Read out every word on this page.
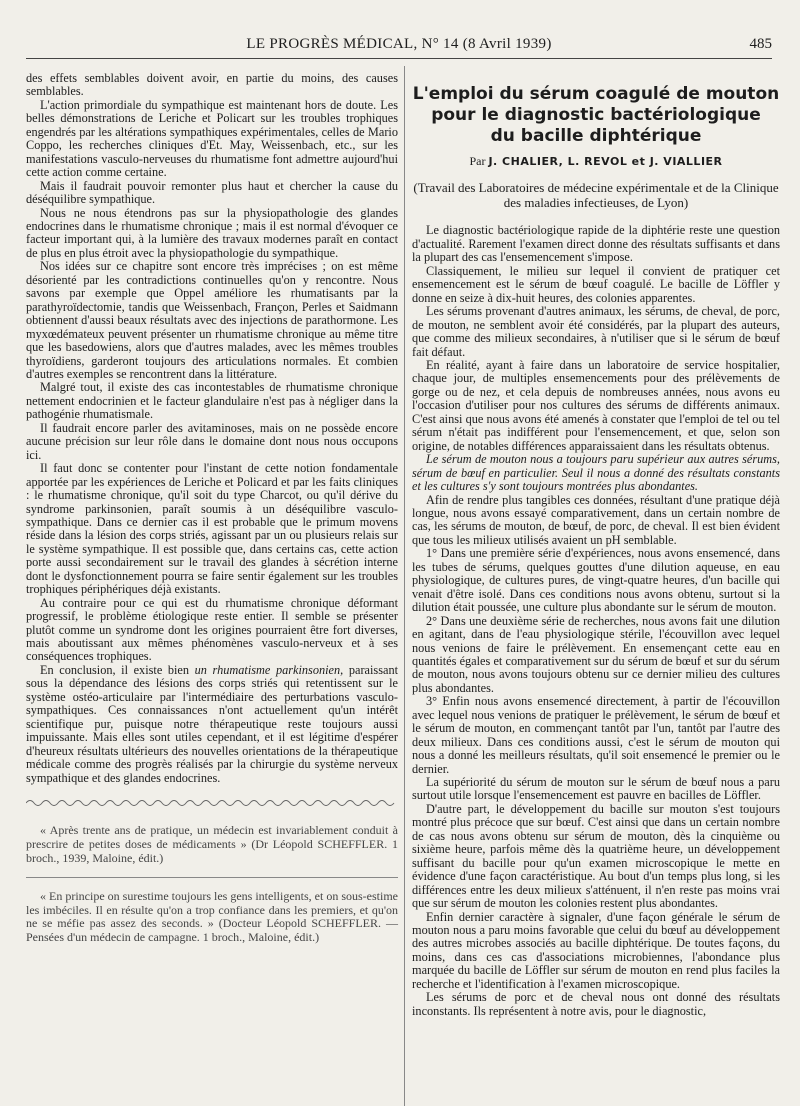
LE PROGRÈS MÉDICAL, N° 14 (8 Avril 1939)	485

des effets semblables doivent avoir, en partie du moins, des causes semblables.

L'action primordiale du sympathique est maintenant hors de doute. Les belles démonstrations de Leriche et Policart sur les troubles trophiques engendrés par les altérations sympathiques expérimentales, celles de Mario Coppo, les recherches cliniques d'Et. May, Weissenbach, etc., sur les manifestations vasculo-nerveuses du rhumatisme font admettre aujourd'hui cette action comme certaine.

Mais il faudrait pouvoir remonter plus haut et chercher la cause du déséquilibre sympathique.

Nous ne nous étendrons pas sur la physiopathologie des glandes endocrines dans le rhumatisme chronique ; mais il est normal d'évoquer ce facteur important qui, à la lumière des travaux modernes paraît en contact de plus en plus étroit avec la physiopathologie du sympathique.

Nos idées sur ce chapitre sont encore très imprécises ; on est même désorienté par les contradictions continuelles qu'on y rencontre. Nous savons par exemple que Oppel améliore les rhumatisants par la parathyroïdectomie, tandis que Weissenbach, Françon, Perles et Saidmann obtiennent d'aussi beaux résultats avec des injections de parathormone. Les myxœdémateux peuvent présenter un rhumatisme chronique au même titre que les basedowiens, alors que d'autres malades, avec les mêmes troubles thyroïdiens, garderont toujours des articulations normales. Et combien d'autres exemples se rencontrent dans la littérature.

Malgré tout, il existe des cas incontestables de rhumatisme chronique nettement endocrinien et le facteur glandulaire n'est pas à négliger dans la pathogénie rhumatismale.

Il faudrait encore parler des avitaminoses, mais on ne possède encore aucune précision sur leur rôle dans le domaine dont nous nous occupons ici.

Il faut donc se contenter pour l'instant de cette notion fondamentale apportée par les expériences de Leriche et Policard et par les faits cliniques : le rhumatisme chronique, qu'il soit du type Charcot, ou qu'il dérive du syndrome parkinsonien, paraît soumis à un déséquilibre vasculo-sympathique. Dans ce dernier cas il est probable que le primum movens réside dans la lésion des corps striés, agissant par un ou plusieurs relais sur le système sympathique. Il est possible que, dans certains cas, cette action porte aussi secondairement sur le travail des glandes à sécrétion interne dont le dysfonctionnement pourra se faire sentir également sur les troubles trophiques périphériques déjà existants.

Au contraire pour ce qui est du rhumatisme chronique déformant progressif, le problème étiologique reste entier. Il semble se présenter plutôt comme un syndrome dont les origines pourraient être fort diverses, mais aboutissant aux mêmes phénomènes vasculo-nerveux et à ses conséquences trophiques.

En conclusion, il existe bien un rhumatisme parkinsonien, paraissant sous la dépendance des lésions des corps striés qui retentissent sur le système ostéo-articulaire par l'intermédiaire des perturbations vasculo-sympathiques. Ces connaissances n'ont actuellement qu'un intérêt scientifique pur, puisque notre thérapeutique reste toujours aussi impuissante. Mais elles sont utiles cependant, et il est légitime d'espérer d'heureux résultats ultérieurs des nouvelles orientations de la thérapeutique médicale comme des progrès réalisés par la chirurgie du système nerveux sympathique et des glandes endocrines.

« Après trente ans de pratique, un médecin est invariablement conduit à prescrire de petites doses de médicaments » (Dr Léopold SCHEFFLER. 1 broch., 1939, Maloine, édit.)

« En principe on surestime toujours les gens intelligents, et on sous-estime les imbéciles. Il en résulte qu'on a trop confiance dans les premiers, et qu'on ne se méfie pas assez des seconds. » (Docteur Léopold SCHEFFLER. — Pensées d'un médecin de campagne. 1 broch., Maloine, édit.)

L'emploi du sérum coagulé de mouton
pour le diagnostic bactériologique
du bacille diphtérique
Par J. CHALIER, L. REVOL et J. VIALLIER
(Travail des Laboratoires de médecine expérimentale et de la Clinique des maladies infectieuses, de Lyon)

Le diagnostic bactériologique rapide de la diphtérie reste une question d'actualité. Rarement l'examen direct donne des résultats suffisants et dans la plupart des cas l'ensemencement s'impose.

Classiquement, le milieu sur lequel il convient de pratiquer cet ensemencement est le sérum de bœuf coagulé. Le bacille de Löffler y donne en seize à dix-huit heures, des colonies apparentes.

Les sérums provenant d'autres animaux, les sérums, de cheval, de porc, de mouton, ne semblent avoir été considérés, par la plupart des auteurs, que comme des milieux secondaires, à n'utiliser que si le sérum de bœuf fait défaut.

En réalité, ayant à faire dans un laboratoire de service hospitalier, chaque jour, de multiples ensemencements pour des prélèvements de gorge ou de nez, et cela depuis de nombreuses années, nous avons eu l'occasion d'utiliser pour nos cultures des sérums de différents animaux. C'est ainsi que nous avons été amenés à constater que l'emploi de tel ou tel sérum n'était pas indifférent pour l'ensemencement, et que, selon son origine, de notables différences apparaissaient dans les résultats obtenus.

Le sérum de mouton nous a toujours paru supérieur aux autres sérums, sérum de bœuf en particulier. Seul il nous a donné des résultats constants et les cultures s'y sont toujours montrées plus abondantes.

Afin de rendre plus tangibles ces données, résultant d'une pratique déjà longue, nous avons essayé comparativement, dans un certain nombre de cas, les sérums de mouton, de bœuf, de porc, de cheval. Il est bien évident que tous les milieux utilisés avaient un pH semblable.

1° Dans une première série d'expériences, nous avons ensemencé, dans les tubes de sérums, quelques gouttes d'une dilution aqueuse, en eau physiologique, de cultures pures, de vingt-quatre heures, d'un bacille qui venait d'être isolé. Dans ces conditions nous avons obtenu, surtout si la dilution était poussée, une culture plus abondante sur le sérum de mouton.

2° Dans une deuxième série de recherches, nous avons fait une dilution en agitant, dans de l'eau physiologique stérile, l'écouvillon avec lequel nous venions de faire le prélèvement. En ensemençant cette eau en quantités égales et comparativement sur du sérum de bœuf et sur du sérum de mouton, nous avons toujours obtenu sur ce dernier milieu des cultures plus abondantes.

3° Enfin nous avons ensemencé directement, à partir de l'écouvillon avec lequel nous venions de pratiquer le prélèvement, le sérum de bœuf et le sérum de mouton, en commençant tantôt par l'un, tantôt par l'autre des deux milieux. Dans ces conditions aussi, c'est le sérum de mouton qui nous a donné les meilleurs résultats, qu'il soit ensemencé le premier ou le dernier.

La supériorité du sérum de mouton sur le sérum de bœuf nous a paru surtout utile lorsque l'ensemencement est pauvre en bacilles de Löffler.

D'autre part, le développement du bacille sur mouton s'est toujours montré plus précoce que sur bœuf. C'est ainsi que dans un certain nombre de cas nous avons obtenu sur sérum de mouton, dès la cinquième ou sixième heure, parfois même dès la quatrième heure, un développement suffisant du bacille pour qu'un examen microscopique le mette en évidence d'une façon caractéristique. Au bout d'un temps plus long, si les différences entre les deux milieux s'atténuent, il n'en reste pas moins vrai que sur sérum de mouton les colonies restent plus abondantes.

Enfin dernier caractère à signaler, d'une façon générale le sérum de mouton nous a paru moins favorable que celui du bœuf au développement des autres microbes associés au bacille diphtérique. De toutes façons, du moins, dans ces cas d'associations microbiennes, l'abondance plus marquée du bacille de Löffler sur sérum de mouton en rend plus faciles la recherche et l'identification à l'examen microscopique.

Les sérums de porc et de cheval nous ont donné des résultats inconstants. Ils représentent à notre avis, pour le diagnostic,
